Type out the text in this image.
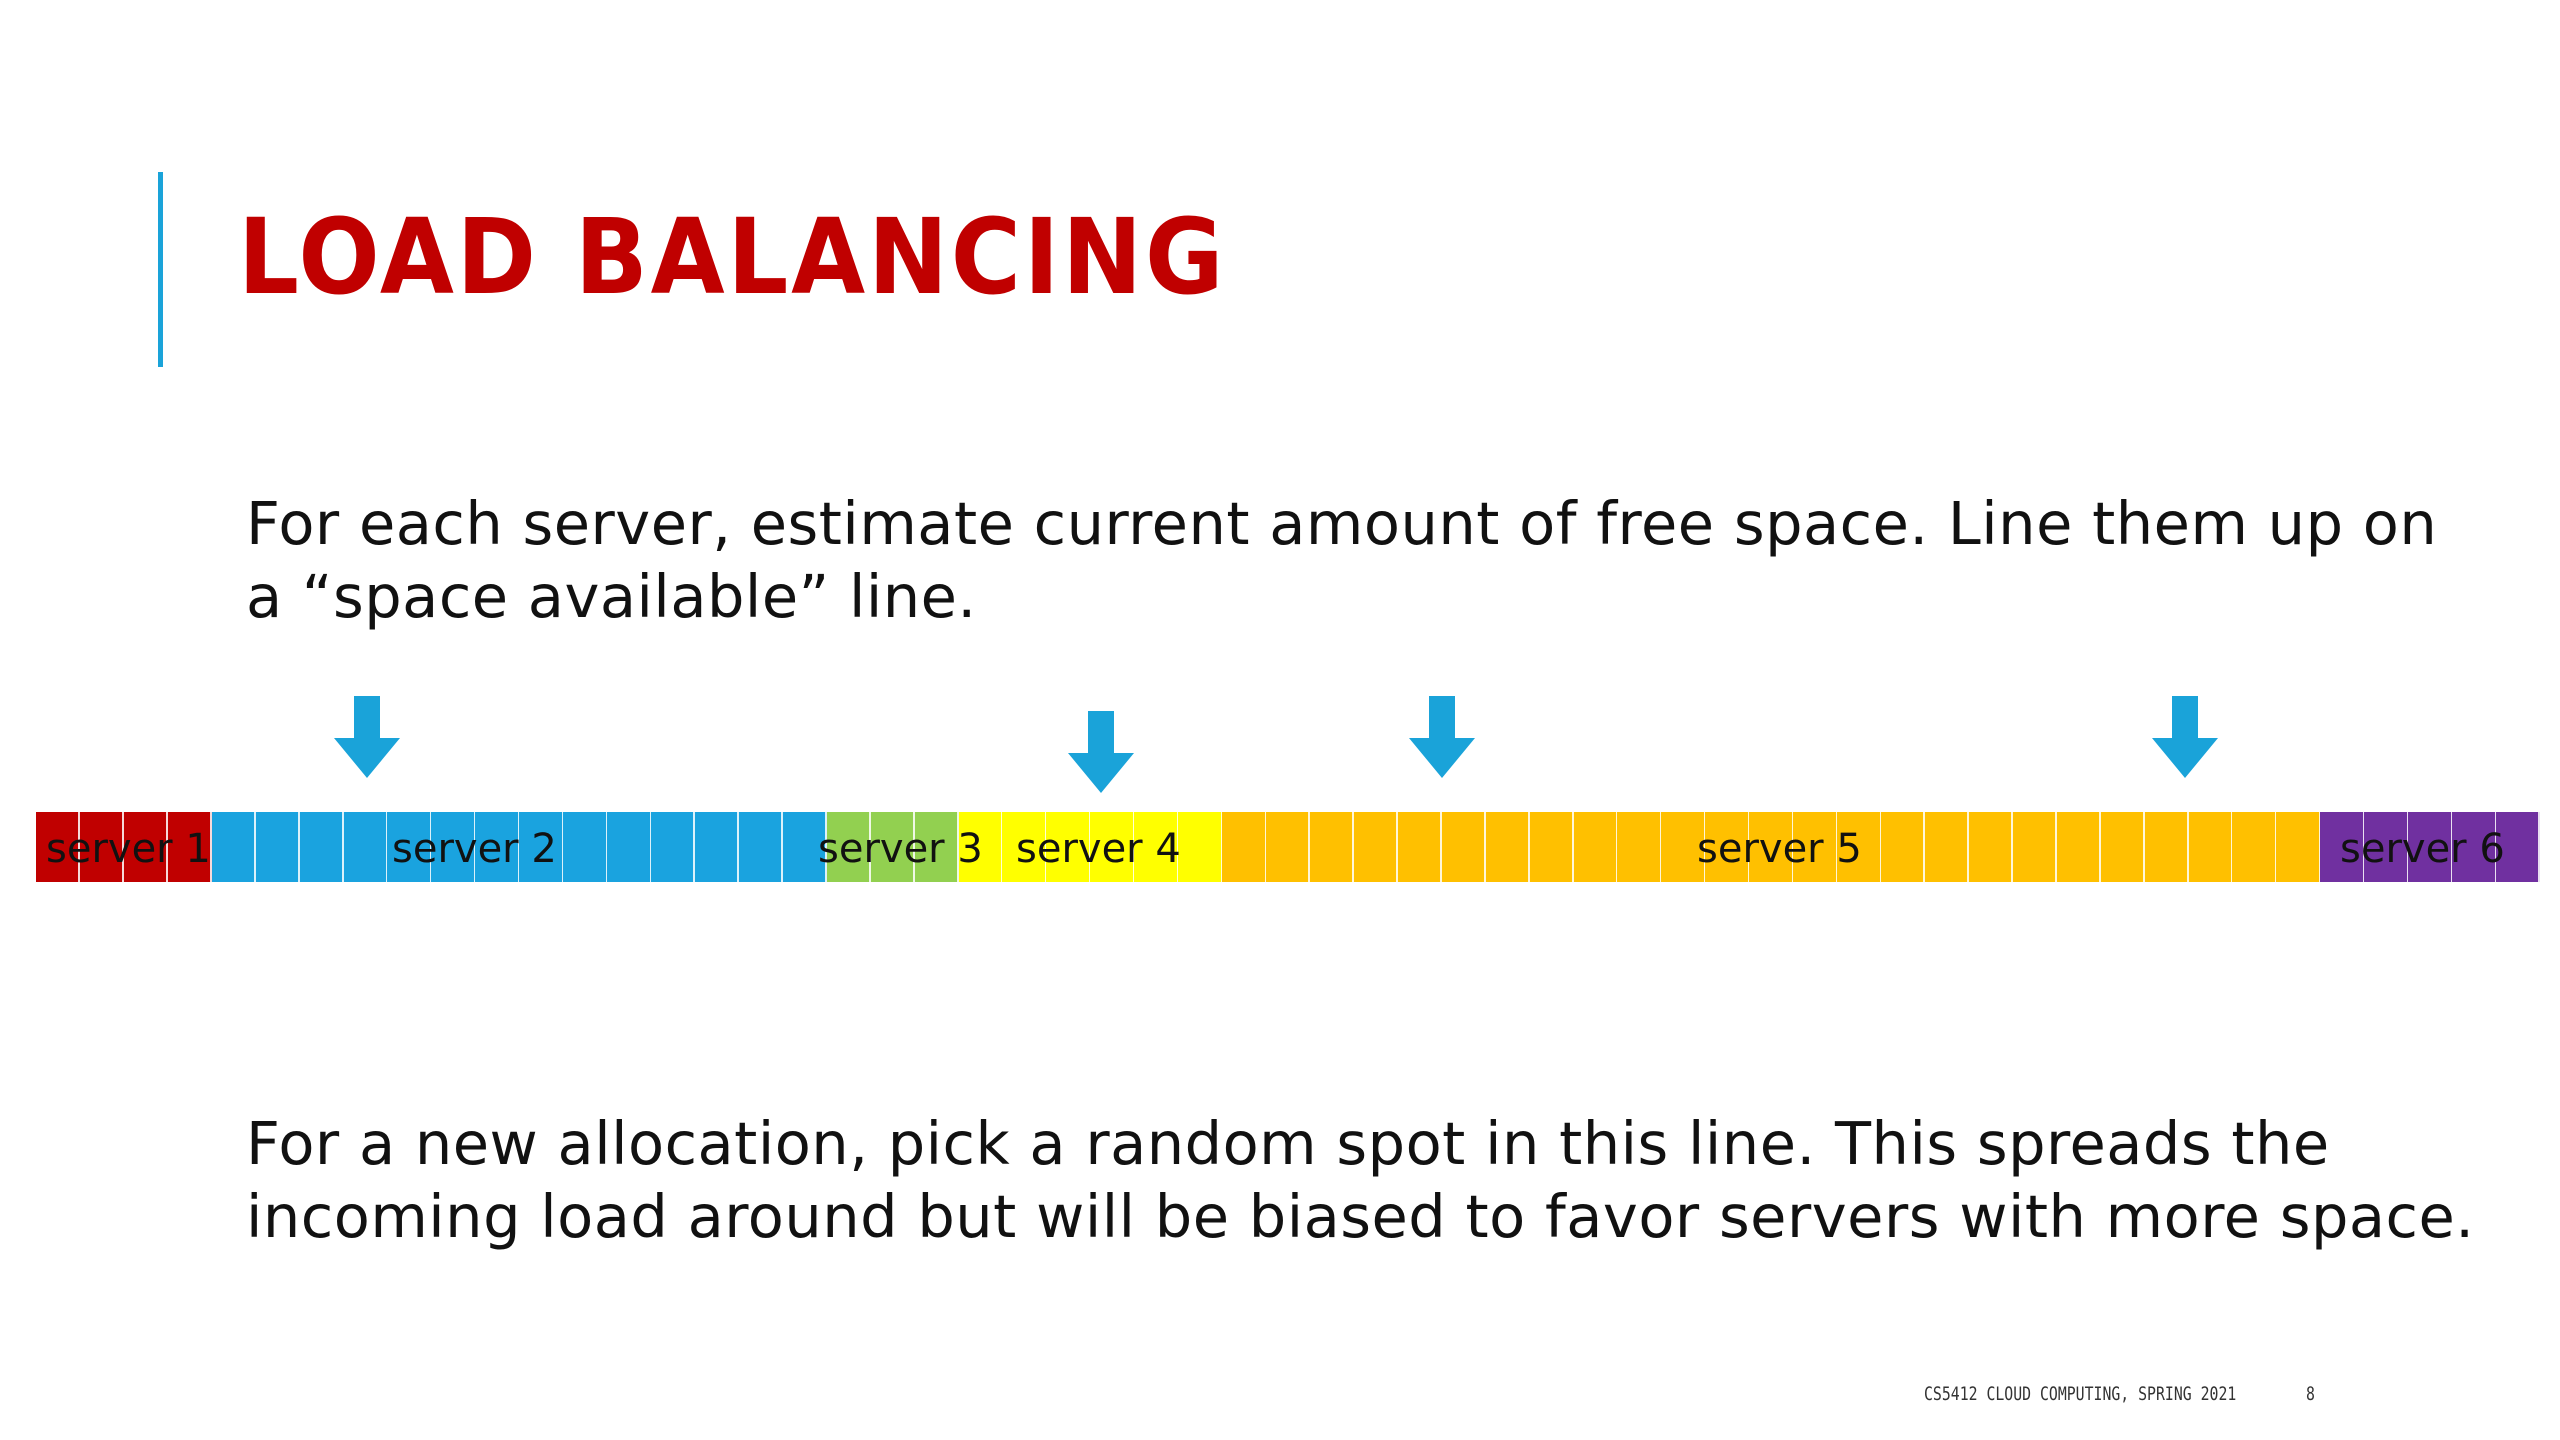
LOAD BALANCING
For each server, estimate current amount of free space. Line them up on a “space available” line.
server 1	server 2	server 3 server 4	server 5	server 6
For a new allocation, pick a random spot in this line. This spreads the incoming load around but will be biased to favor servers with more space.
CS5412 CLOUD COMPUTING, SPRING 2021	8
